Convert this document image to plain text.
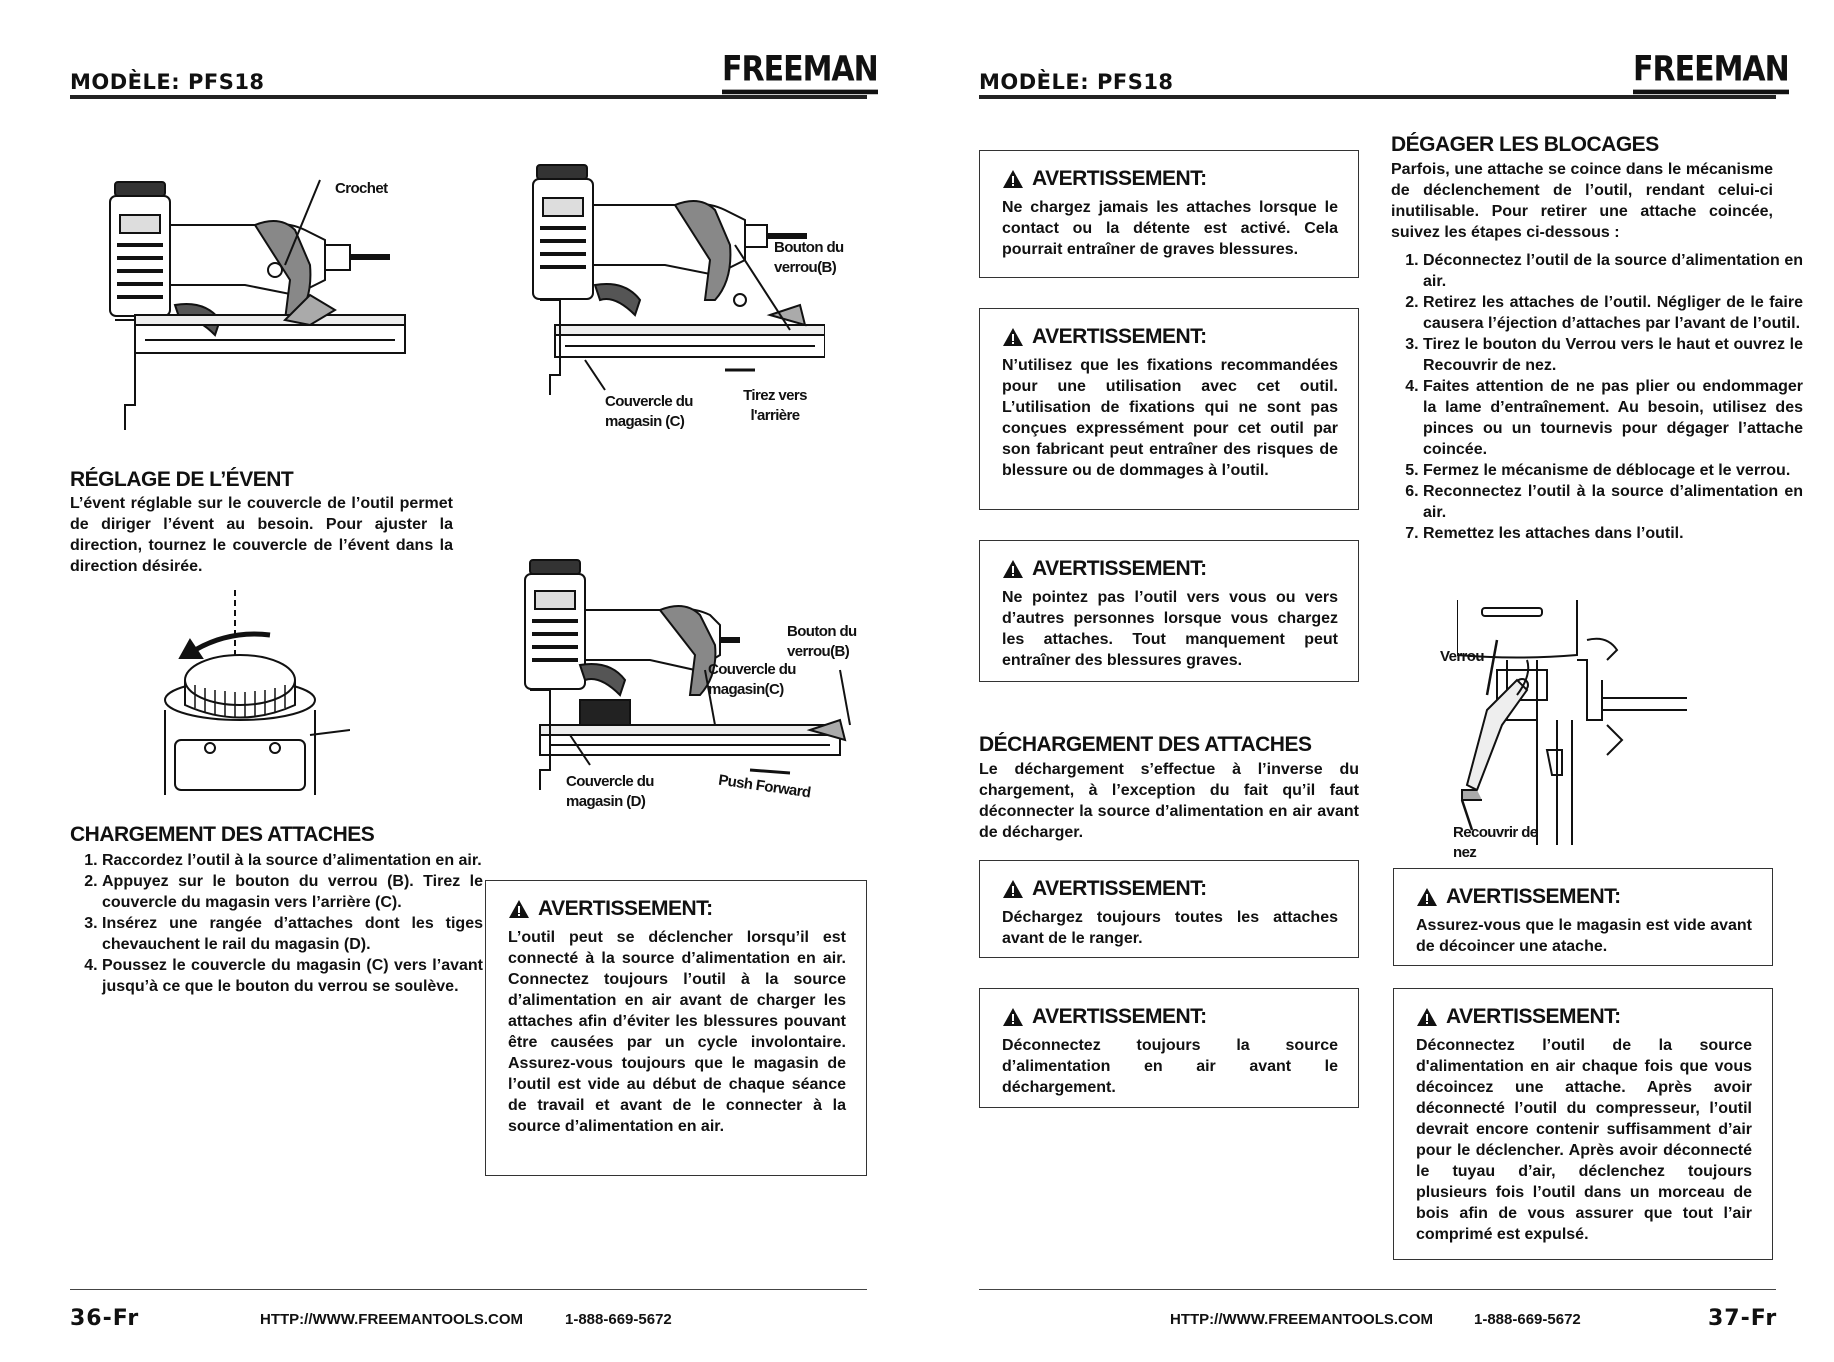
MODÈLE: PFS18	FREEMAN
Crochet
Bouton du verrou(B)
Couvercle du magasin (C)
Tirez vers l'arrière
RÉGLAGE DE L’ÉVENT

L’évent réglable sur le couvercle de l’outil permet de diriger l’évent au besoin. Pour ajuster la direction, tournez le couvercle de l’évent dans la direction désirée.

Bouton du verrou(B)
Couvercle du magasin(C)
Couvercle du magasin (D)
Push Forward
CHARGEMENT DES ATTACHES
1. Raccordez l’outil à la source d’alimentation en air.
2. Appuyez sur le bouton du verrou (B). Tirez le couvercle du magasin vers l’arrière (C).
3. Insérez une rangée d’attaches dont les tiges chevauchent le rail du magasin (D).
4. Poussez le couvercle du magasin (C) vers l’avant jusqu’à ce que le bouton du verrou se soulève.
AVERTISSEMENT:
L’outil peut se déclencher lorsqu’il est connecté à la source d’alimentation en air. Connectez toujours l’outil à la source d’alimentation en air avant de charger les attaches afin d’éviter les blessures pouvant être causées par un cycle involontaire. Assurez-vous toujours que le magasin de l’outil est vide au début de chaque séance de travail et avant de le connecter à la source d’alimentation en air.
36-Fr	HTTP://WWW.FREEMANTOOLS.COM	1-888-669-5672
MODÈLE: PFS18	FREEMAN
AVERTISSEMENT:
Ne chargez jamais les attaches lorsque le contact ou la détente est activé. Cela pourrait entraîner de graves blessures.
AVERTISSEMENT:
N’utilisez que les fixations recommandées pour une utilisation avec cet outil. L’utilisation de fixations qui ne sont pas conçues expressément pour cet outil par son fabricant peut entraîner des risques de blessure ou de dommages à l’outil.
AVERTISSEMENT:
Ne pointez pas l’outil vers vous ou vers d’autres personnes lorsque vous chargez les attaches. Tout manquement peut entraîner des blessures graves.
DÉCHARGEMENT DES ATTACHES

Le déchargement s’effectue à l’inverse du chargement, à l’exception du fait qu’il faut déconnecter la source d’alimentation en air avant de décharger.

AVERTISSEMENT:
Déchargez toujours toutes les attaches avant de le ranger.
AVERTISSEMENT:
Déconnectez toujours la source d’alimentation en air avant le déchargement.
DÉGAGER LES BLOCAGES

Parfois, une attache se coince dans le mécanisme de déclenchement de l’outil, rendant celui-ci inutilisable. Pour retirer une attache coincée, suivez les étapes ci-dessous :

1. Déconnectez l’outil de la source d’alimentation en air.
2. Retirez les attaches de l’outil. Négliger de le faire causera l’éjection d’attaches par l’avant de l’outil.
3. Tirez le bouton du Verrou vers le haut et ouvrez le Recouvrir de nez.
4. Faites attention de ne pas plier ou endommager la lame d’entraînement. Au besoin, utilisez des pinces ou un tournevis pour dégager l’attache coincée.
5. Fermez le mécanisme de déblocage et le verrou.
6. Reconnectez l’outil à la source d’alimentation en air.
7. Remettez les attaches dans l’outil.
Verrou
Recouvrir de nez
AVERTISSEMENT:
Assurez-vous que le magasin est vide avant de décoincer une atache.
AVERTISSEMENT:
Déconnectez l’outil de la source d'alimentation en air chaque fois que vous décoincez une attache. Après avoir déconnecté l’outil du compresseur, l’outil devrait encore contenir suffisamment d’air pour le déclencher. Après avoir déconnecté le tuyau d’air, déclenchez toujours plusieurs fois l’outil dans un morceau de bois afin de vous assurer que tout l’air comprimé est expulsé.
HTTP://WWW.FREEMANTOOLS.COM	1-888-669-5672	37-Fr
